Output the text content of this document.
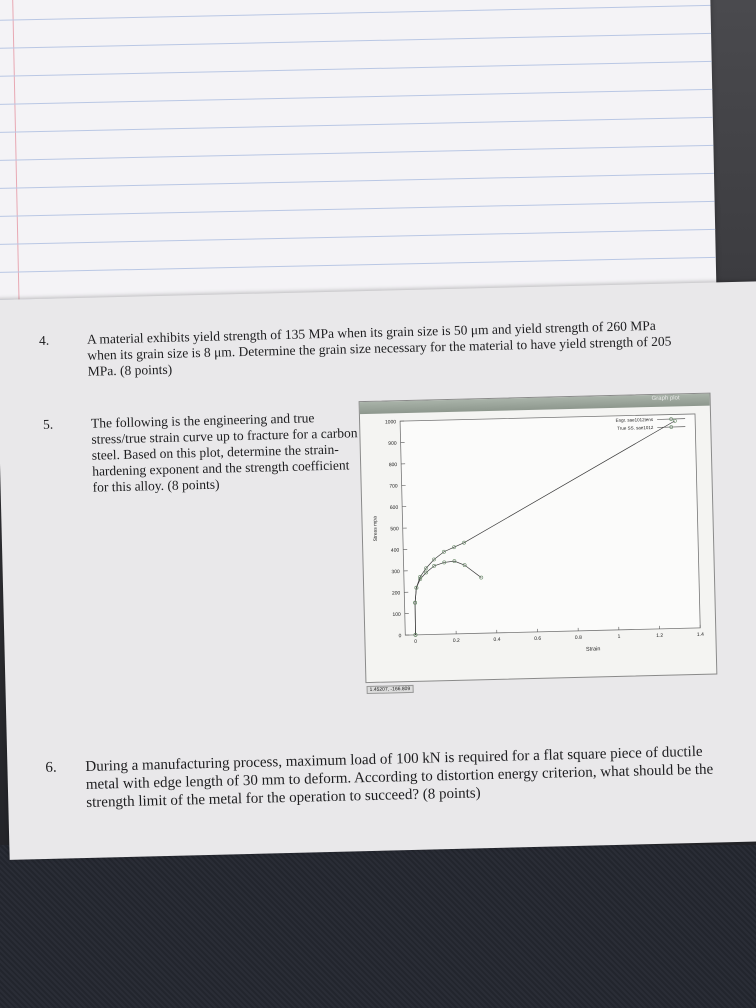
4.	A material exhibits yield strength of 135 MPa when its grain size is 50 μm and yield strength of 260 MPa when its grain size is 8 μm. Determine the grain size necessary for the material to have yield strength of 205 MPa. (8 points)
5.	The following is the engineering and true stress/true strain curve up to fracture for a carbon steel. Based on this plot, determine the strain-hardening exponent and the strength coefficient for this alloy. (8 points)
Graph plot
0
100
200
300
400
500
600
700
800
900
1000
0	0.2	0.4	0.6	0.8	1	1.2	1.4
Strain
Stress mpa
Engr. sae1012tens
True SS. sae1012
1.45207, -166.809
6. During a manufacturing process, maximum load of 100 kN is required for a flat square piece of ductile metal with edge length of 30 mm to deform. According to distortion energy criterion, what should be the strength limit of the metal for the operation to succeed? (8 points)
